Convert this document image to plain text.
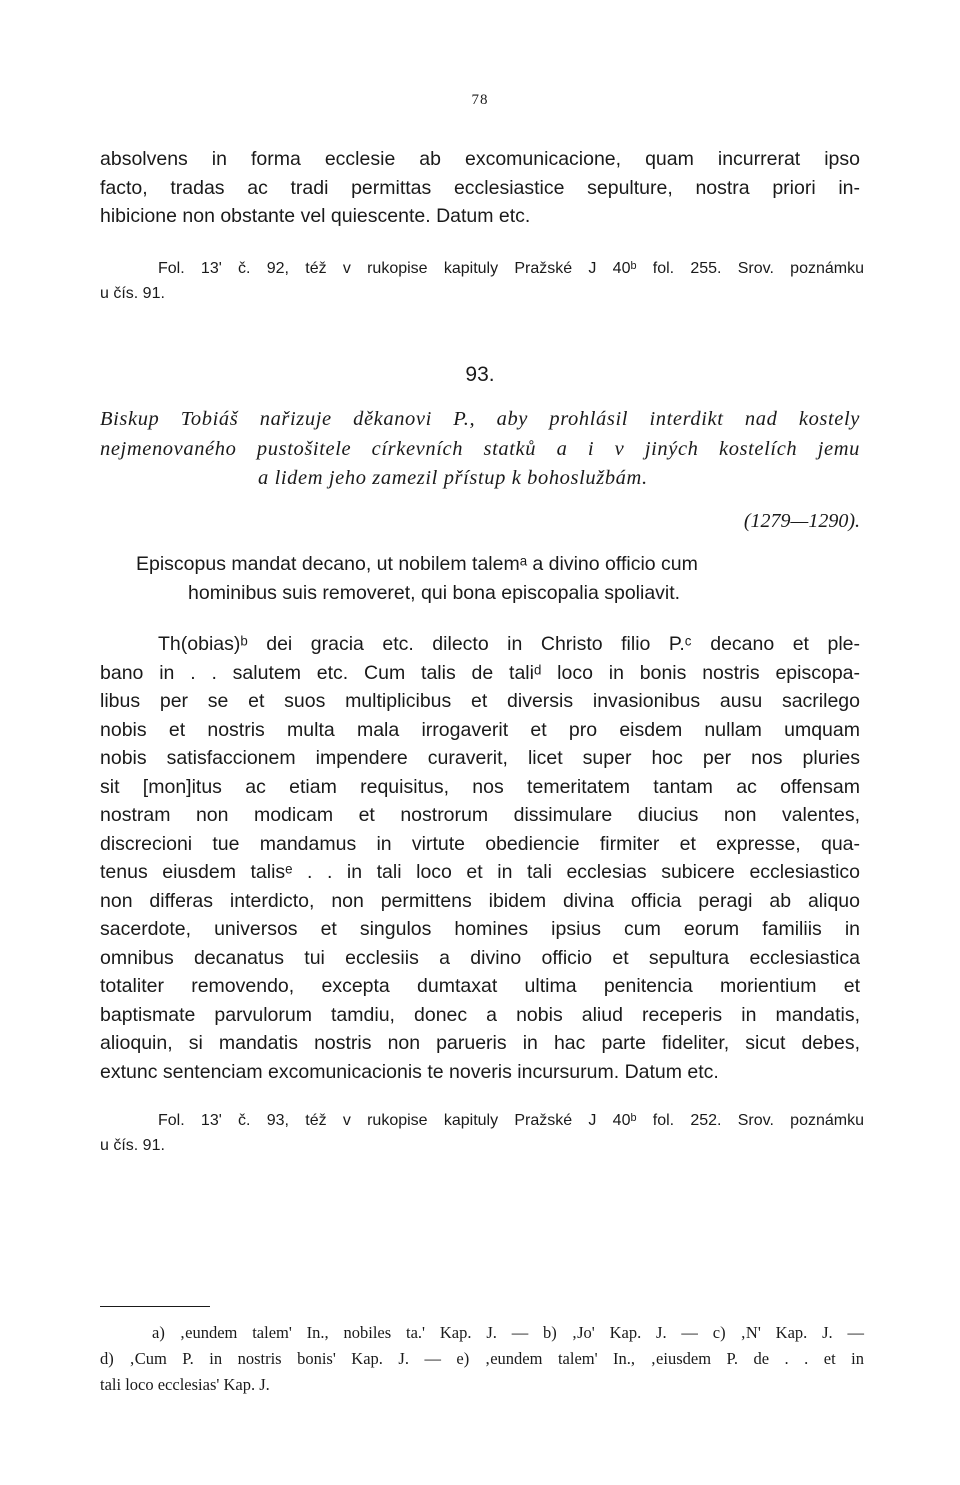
78
absolvens in forma ecclesie ab excomunicacione, quam incurrerat ipso
facto, tradas ac tradi permittas ecclesiastice sepulture, nostra priori in-
hibicione non obstante vel quiescente. Datum etc.
Fol. 13' č. 92, též v rukopise kapituly Pražské J 40ᵇ fol. 255. Srov. poznámku
u čís. 91.
93.
Biskup Tobiáš nařizuje děkanovi P., aby prohlásil interdikt nad kostely
nejmenovaného pustošitele církevních statků a i v jiných kostelích jemu
a lidem jeho zamezil přístup k bohoslužbám.
(1279—1290).
Episcopus mandat decano, ut nobilem talemᵃ a divino officio cum
hominibus suis removeret, qui bona episcopalia spoliavit.
Th(obias)ᵇ dei gracia etc. dilecto in Christo filio P.ᶜ decano et ple-
bano in . . salutem etc. Cum talis de taliᵈ loco in bonis nostris episcopa-
libus per se et suos multiplicibus et diversis invasionibus ausu sacrilego
nobis et nostris multa mala irrogaverit et pro eisdem nullam umquam
nobis satisfaccionem impendere curaverit, licet super hoc per nos pluries
sit [mon]itus ac etiam requisitus, nos temeritatem tantam ac offensam
nostram non modicam et nostrorum dissimulare diucius non valentes,
discrecioni tue mandamus in virtute obediencie firmiter et expresse, qua-
tenus eiusdem talisᵉ . . in tali loco et in tali ecclesias subicere ecclesiastico
non differas interdicto, non permittens ibidem divina officia peragi ab aliquo
sacerdote, universos et singulos homines ipsius cum eorum familiis in
omnibus decanatus tui ecclesiis a divino officio et sepultura ecclesiastica
totaliter removendo, excepta dumtaxat ultima penitencia morientium et
baptismate parvulorum tamdiu, donec a nobis aliud receperis in mandatis,
alioquin, si mandatis nostris non parueris in hac parte fideliter, sicut debes,
extunc sentenciam excomunicacionis te noveris incursurum. Datum etc.
Fol. 13' č. 93, též v rukopise kapituly Pražské J 40ᵇ fol. 252. Srov. poznámku
u čís. 91.
a) ‚eundem talem' In., nobiles ta.' Kap. J. — b) ‚Jo' Kap. J. — c) ‚N' Kap. J. —
d) ‚Cum P. in nostris bonis' Kap. J. — e) ‚eundem talem' In., ‚eiusdem P. de . . et in
tali loco ecclesias' Kap. J.
